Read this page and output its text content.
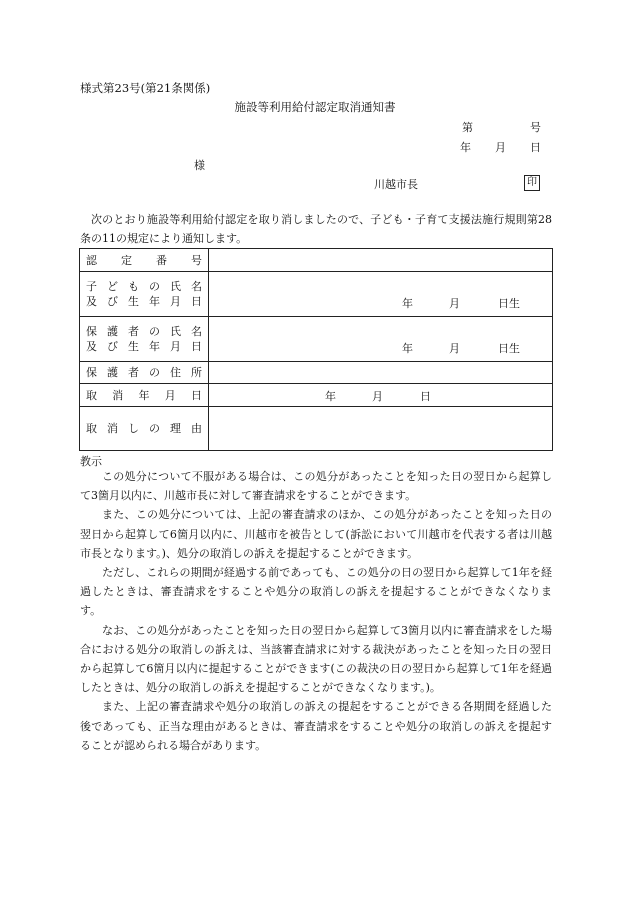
様式第23号(第21条関係)
施設等利用給付認定取消通知書
第	号
年 月 日
様
川越市長	印
次のとおり施設等利用給付認定を取り消しましたので、子ども・子育て支援法施行規則第28条の11の規定により通知します。
認定番号	

子どもの氏名
及び生年月日	年 月 日生

保護者の氏名
及び生年月日	年 月 日生

保護者の住所	

取消年月日	年 月 日

取消しの理由	

教示

この処分について不服がある場合は、この処分があったことを知った日の翌日から起算して3箇月以内に、川越市長に対して審査請求をすることができます。

また、この処分については、上記の審査請求のほか、この処分があったことを知った日の翌日から起算して6箇月以内に、川越市を被告として(訴訟において川越市を代表する者は川越市長となります。)、処分の取消しの訴えを提起することができます。

ただし、これらの期間が経過する前であっても、この処分の日の翌日から起算して1年を経過したときは、審査請求をすることや処分の取消しの訴えを提起することができなくなります。

なお、この処分があったことを知った日の翌日から起算して3箇月以内に審査請求をした場合における処分の取消しの訴えは、当該審査請求に対する裁決があったことを知った日の翌日から起算して6箇月以内に提起することができます(この裁決の日の翌日から起算して1年を経過したときは、処分の取消しの訴えを提起することができなくなります。)。

また、上記の審査請求や処分の取消しの訴えの提起をすることができる各期間を経過した後であっても、正当な理由があるときは、審査請求をすることや処分の取消しの訴えを提起することが認められる場合があります。
